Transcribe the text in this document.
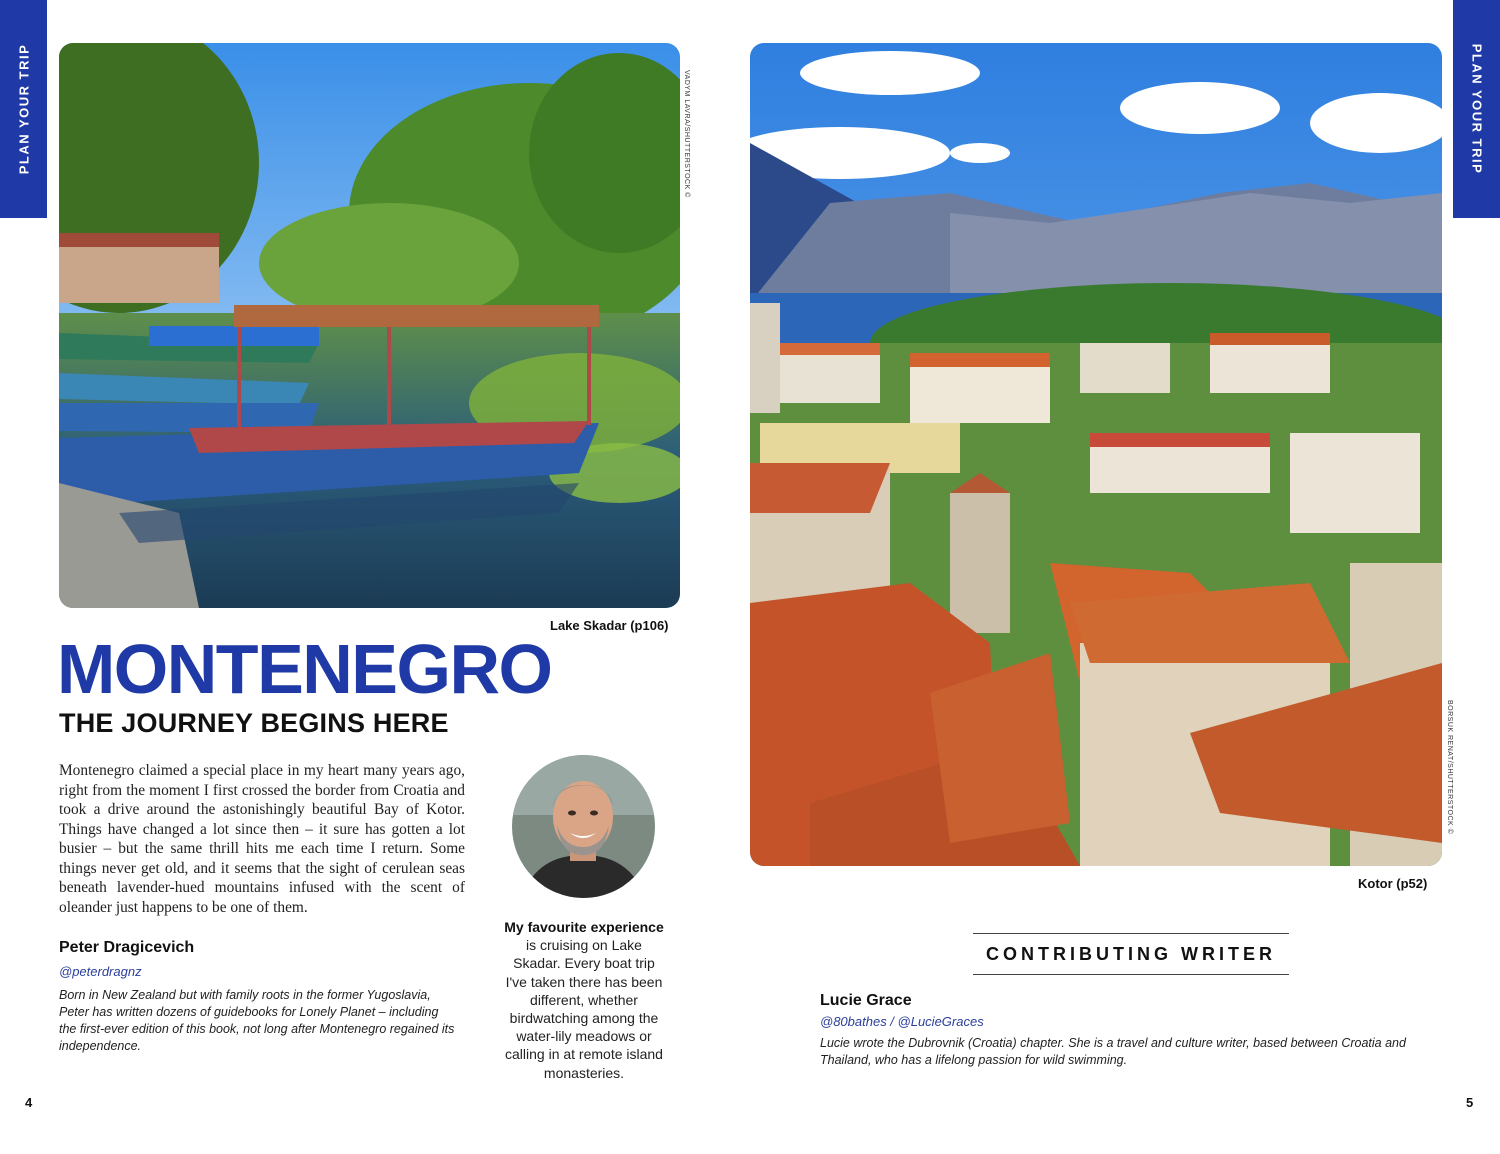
PLAN YOUR TRIP	PLAN YOUR TRIP
VADYM LAVRA/SHUTTERSTOCK ©
Lake Skadar (p106)
BORSUK RENAT/SHUTTERSTOCK ©
Kotor (p52)
MONTENEGRO
THE JOURNEY BEGINS HERE

Montenegro claimed a special place in my heart many years ago, right from the moment I first crossed the border from Croatia and took a drive around the astonishingly beautiful Bay of Kotor. Things have changed a lot since then – it sure has gotten a lot busier – but the same thrill hits me each time I return. Some things never get old, and it seems that the sight of cerulean seas beneath lavender-hued mountains infused with the scent of oleander just happens to be one of them.

Peter Dragicevich
@peterdragnz

Born in New Zealand but with family roots in the former Yugoslavia, Peter has written dozens of guidebooks for Lonely Planet – including the first-ever edition of this book, not long after Montenegro regained its independence.

My favourite experience is cruising on Lake Skadar. Every boat trip I've taken there has been different, whether birdwatching among the water-lily meadows or calling in at remote island monasteries.

CONTRIBUTING WRITER
Lucie Grace
@80bathes / @LucieGraces

Lucie wrote the Dubrovnik (Croatia) chapter. She is a travel and culture writer, based between Croatia and Thailand, who has a lifelong passion for wild swimming.

4	5
